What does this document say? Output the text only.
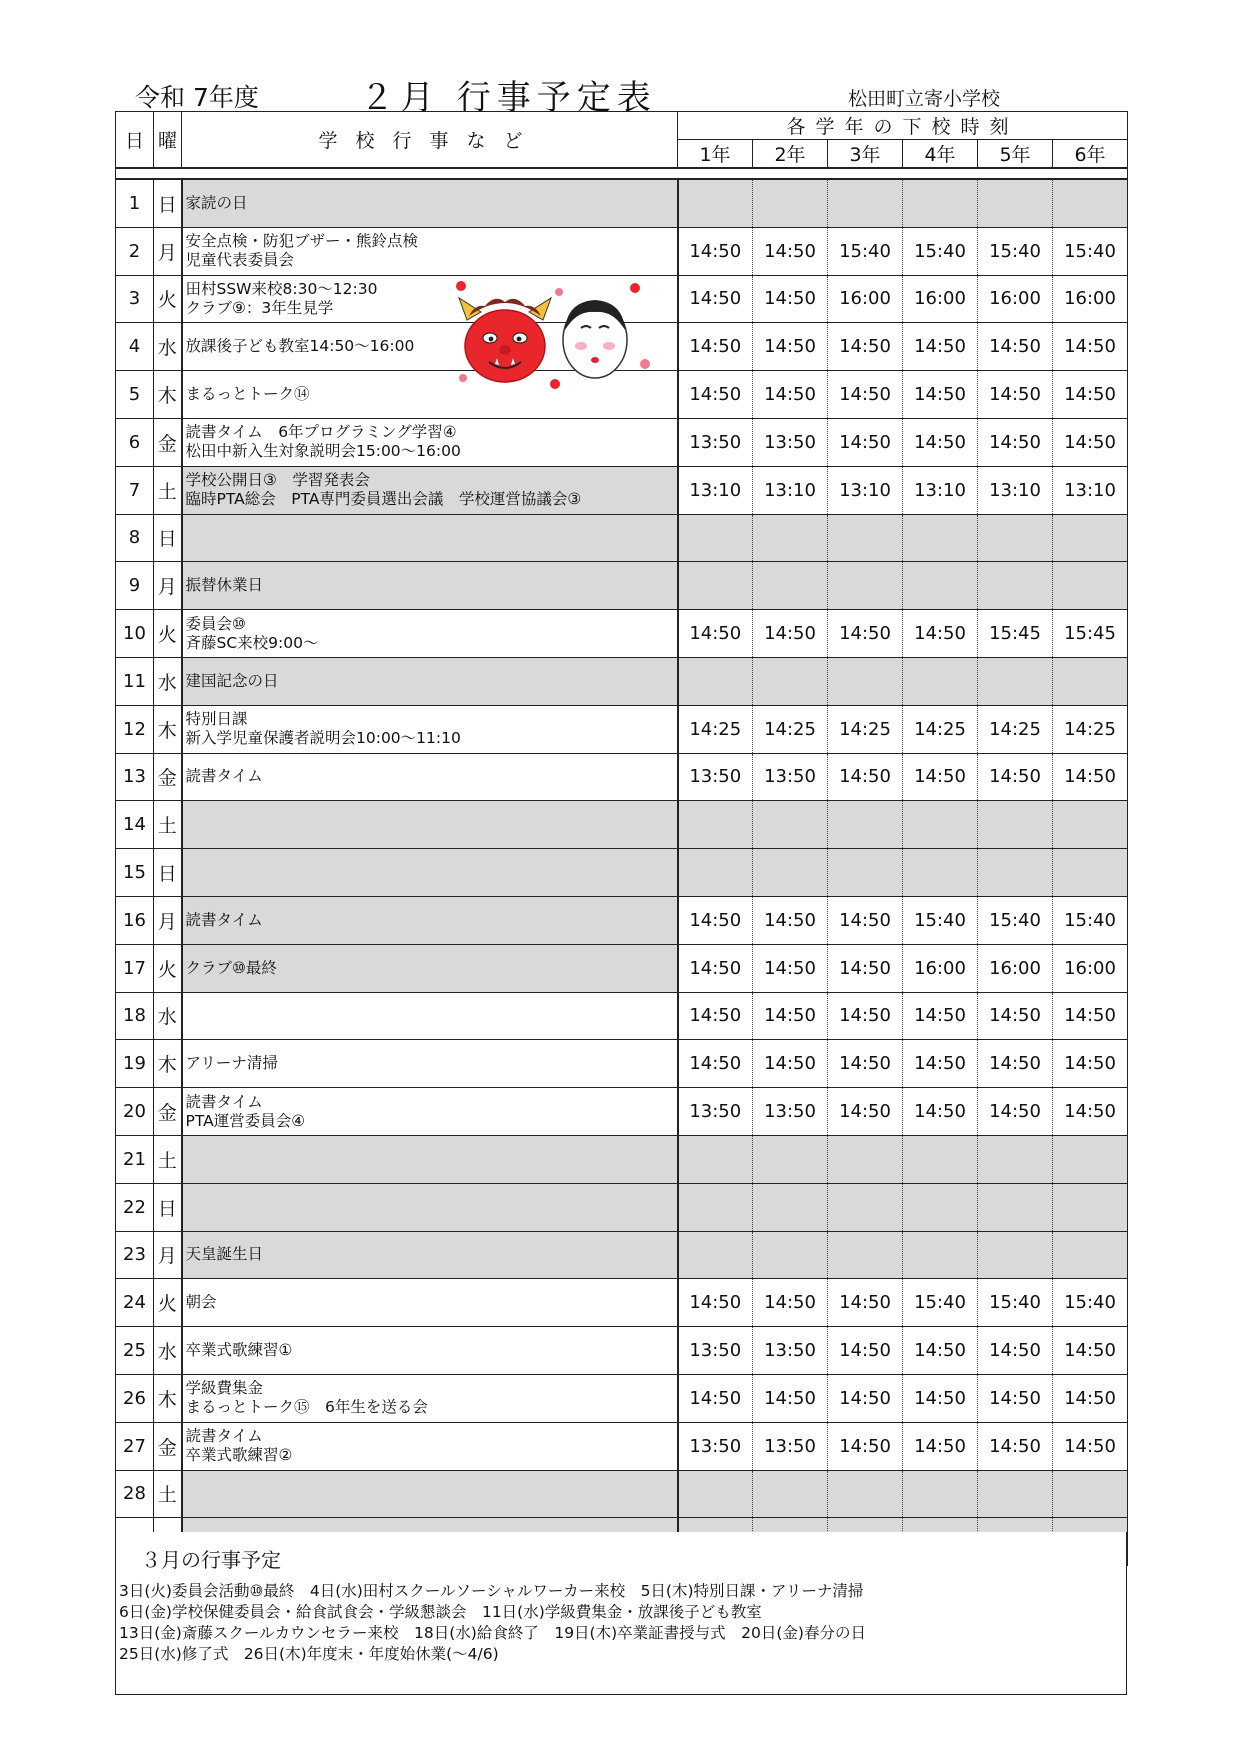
令和 7年度	２月 行事予定表	松田町立寄小学校
日	曜	学校行事など	各学年の下校時刻					
			1年	2年	3年	4年	5年	6年

1	日	家読の日						

2	月	安全点検・防犯ブザー・熊鈴点検
児童代表委員会	14:50	14:50	15:40	15:40	15:40	15:40
3	火	田村SSW来校8:30～12:30
クラブ⑨：3年生見学	14:50	14:50	16:00	16:00	16:00	16:00
4	水	放課後子ども教室14:50～16:00	14:50	14:50	14:50	14:50	14:50	14:50
5	木	まるっとトーク⑭	14:50	14:50	14:50	14:50	14:50	14:50
6	金	読書タイム　6年プログラミング学習④
松田中新入生対象説明会15:00～16:00	13:50	13:50	14:50	14:50	14:50	14:50
7	土	学校公開日③　学習発表会
臨時PTA総会　PTA専門委員選出会議　学校運営協議会③	13:10	13:10	13:10	13:10	13:10	13:10
8	日							
9	月	振替休業日						

10	火	委員会⑩
斉藤SC来校9:00～	14:50	14:50	14:50	14:50	15:45	15:45
11	水	建国記念の日						

12	木	特別日課
新入学児童保護者説明会10:00～11:10	14:25	14:25	14:25	14:25	14:25	14:25
13	金	読書タイム	13:50	13:50	14:50	14:50	14:50	14:50
14	土							
15	日							
16	月	読書タイム	14:50	14:50	14:50	15:40	15:40	15:40
17	火	クラブ⑩最終	14:50	14:50	14:50	16:00	16:00	16:00
18	水		14:50	14:50	14:50	14:50	14:50	14:50
19	木	アリーナ清掃	14:50	14:50	14:50	14:50	14:50	14:50
20	金	読書タイム
PTA運営委員会④	13:50	13:50	14:50	14:50	14:50	14:50
21	土							
22	日							
23	月	天皇誕生日						

24	火	朝会	14:50	14:50	14:50	15:40	15:40	15:40
25	水	卒業式歌練習①	13:50	13:50	14:50	14:50	14:50	14:50
26	木	学級費集金
まるっとトーク⑮　6年生を送る会	14:50	14:50	14:50	14:50	14:50	14:50
27	金	読書タイム
卒業式歌練習②	13:50	13:50	14:50	14:50	14:50	14:50
28	土							

３月の行事予定
3日(火)委員会活動⑩最終　4日(水)田村スクールソーシャルワーカー来校　5日(木)特別日課・アリーナ清掃
6日(金)学校保健委員会・給食試食会・学級懇談会　11日(水)学級費集金・放課後子ども教室
13日(金)斎藤スクールカウンセラー来校　18日(水)給食終了　19日(木)卒業証書授与式　20日(金)春分の日
25日(水)修了式　26日(木)年度末・年度始休業(～4/6)
